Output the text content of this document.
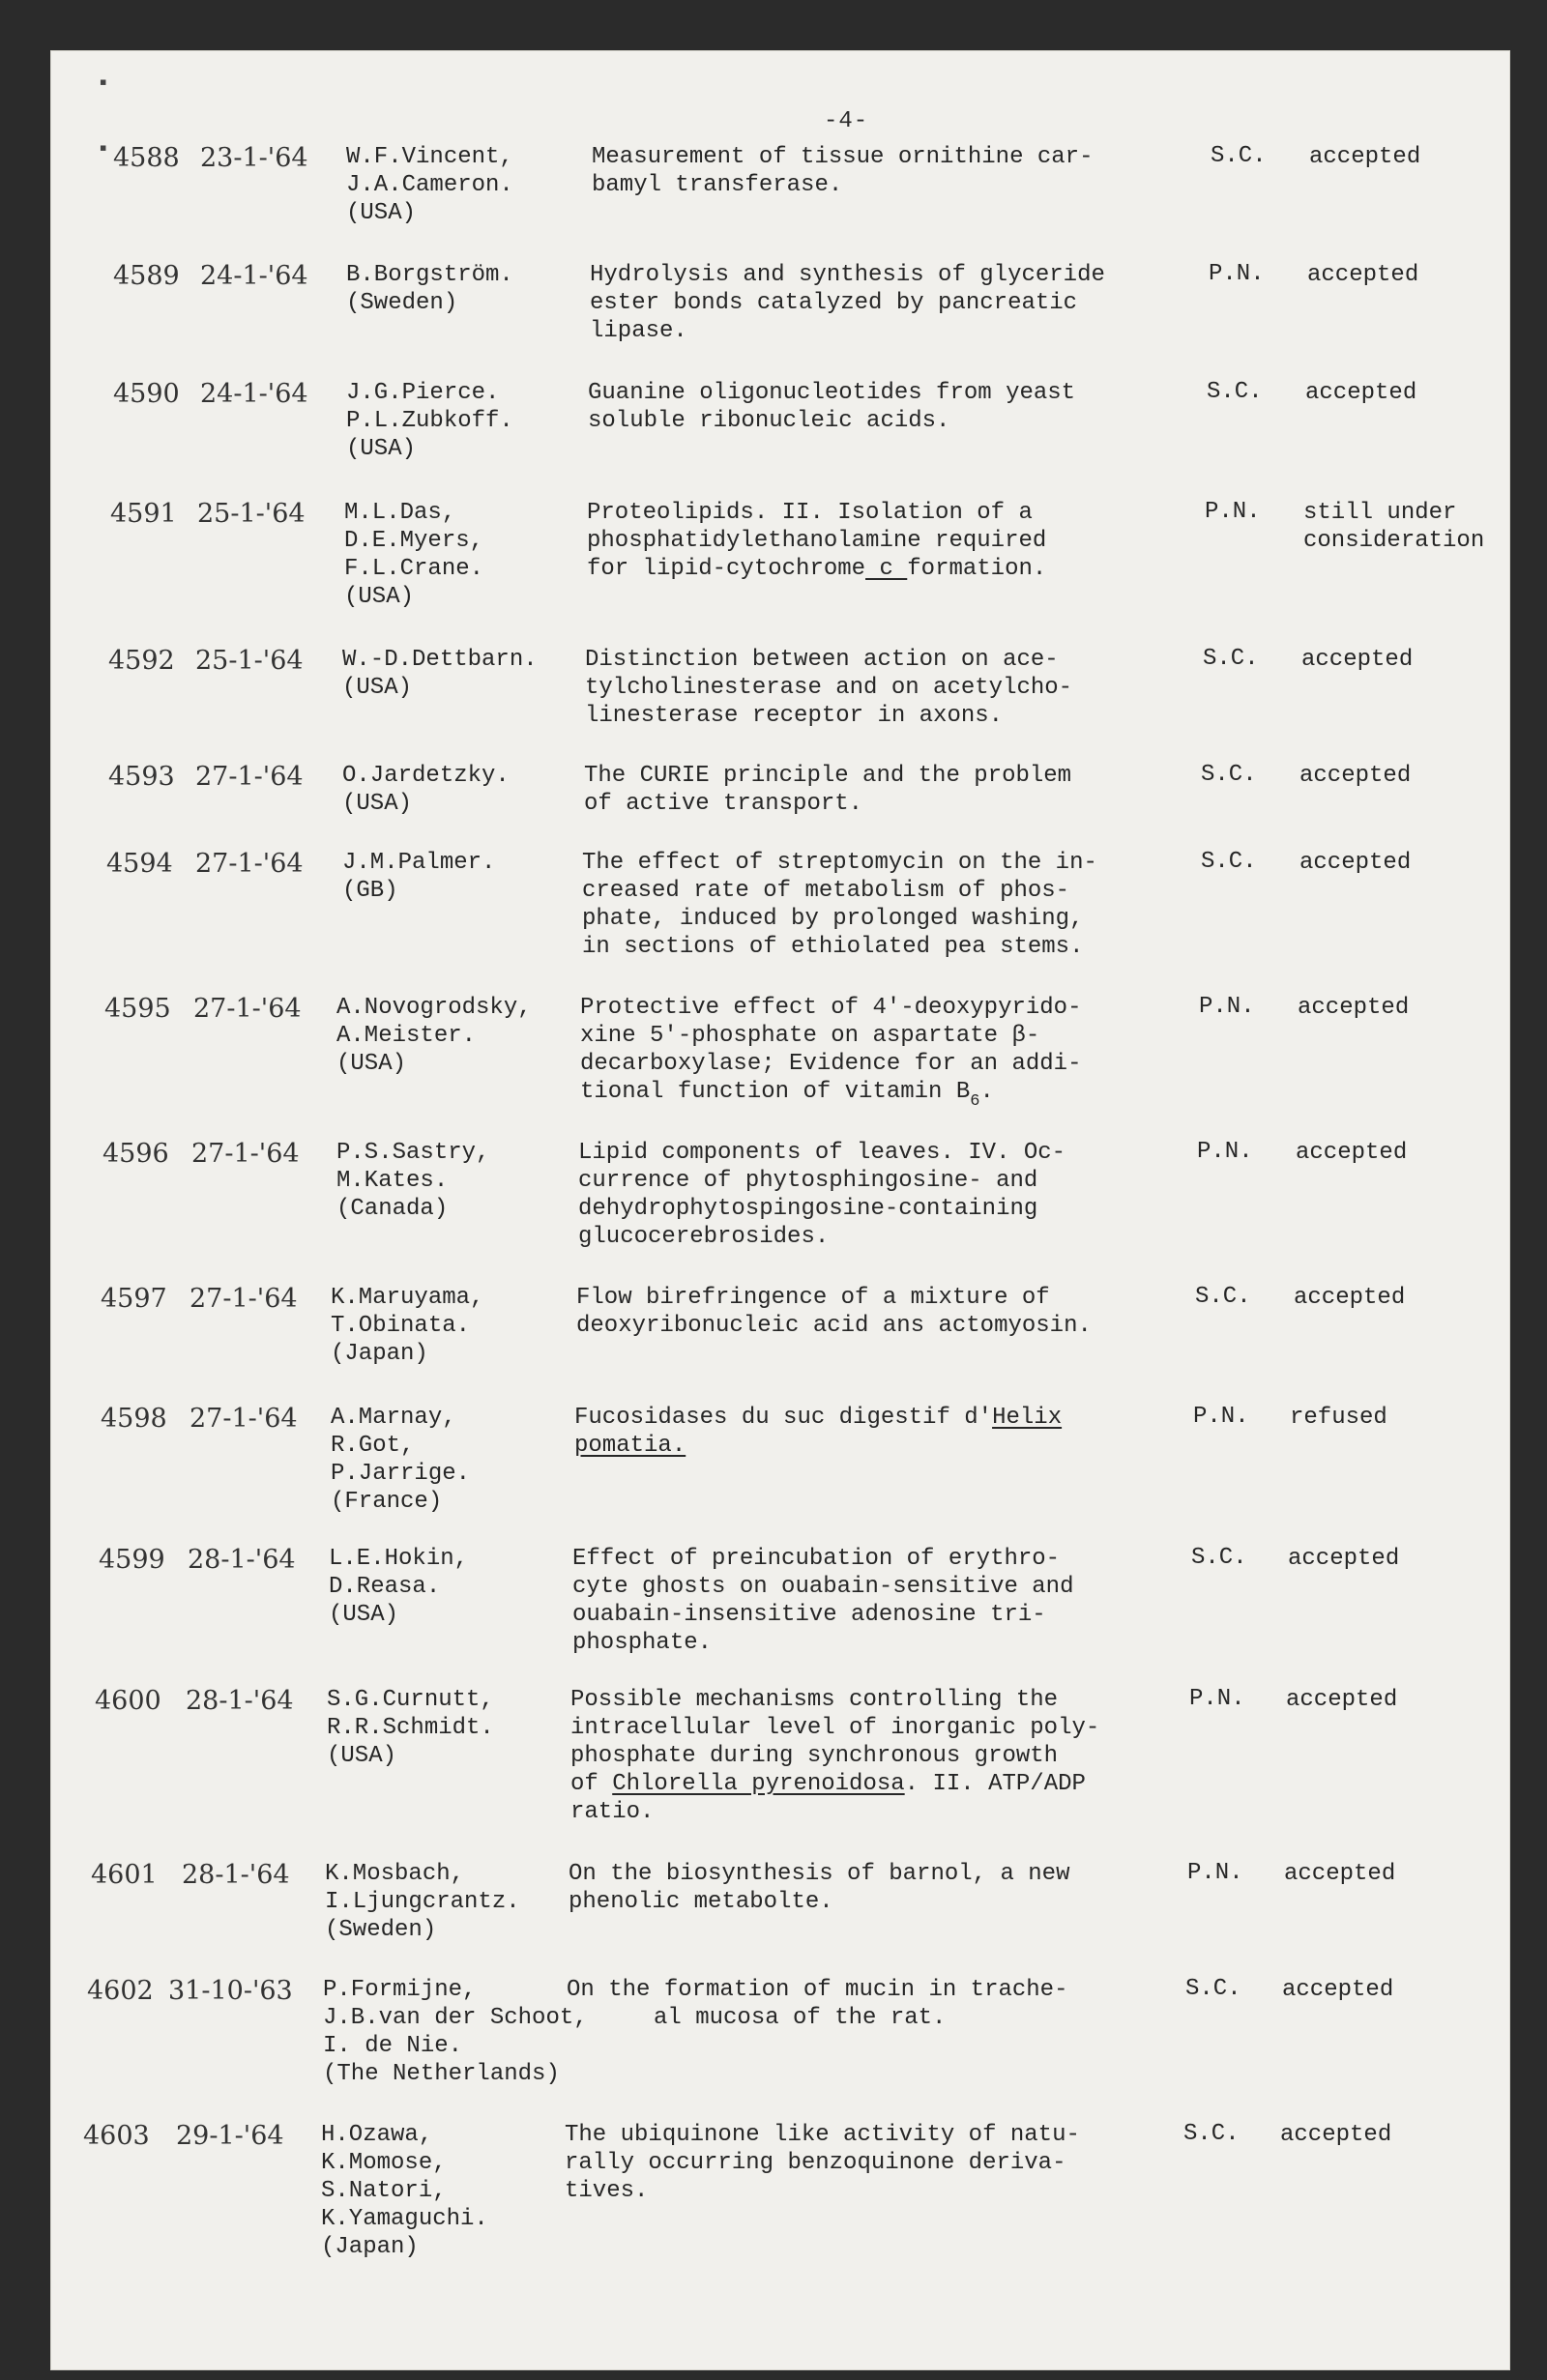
▪
▪
-4-
4588 23-1-'64 W.F.Vincent,
J.A.Cameron.
(USA)
Measurement of tissue ornithine car-
bamyl transferase.
S.C. accepted
4589 24-1-'64 B.Borgström.
(Sweden)
Hydrolysis and synthesis of glyceride
ester bonds catalyzed by pancreatic
lipase.
P.N. accepted
4590 24-1-'64 J.G.Pierce.
P.L.Zubkoff.
(USA)
Guanine oligonucleotides from yeast
soluble ribonucleic acids.
S.C. accepted
4591 25-1-'64 M.L.Das,
D.E.Myers,
F.L.Crane.
(USA)
Proteolipids. II. Isolation of a
phosphatidylethanolamine required
for lipid-cytochrome c formation.
P.N. still under
consideration
4592 25-1-'64 W.-D.Dettbarn.
(USA)
Distinction between action on ace-
tylcholinesterase and on acetylcho-
linesterase receptor in axons.
S.C. accepted
4593 27-1-'64 O.Jardetzky.
(USA)
The CURIE principle and the problem
of active transport.
S.C. accepted
4594 27-1-'64 J.M.Palmer.
(GB)
The effect of streptomycin on the in-
creased rate of metabolism of phos-
phate, induced by prolonged washing,
in sections of ethiolated pea stems.
S.C. accepted
4595 27-1-'64 A.Novogrodsky,
A.Meister.
(USA)
Protective effect of 4'-deoxypyrido-
xine 5'-phosphate on aspartate β-
decarboxylase; Evidence for an addi-
tional function of vitamin $B_6$.
P.N. accepted
4596 27-1-'64 P.S.Sastry,
M.Kates.
(Canada)
Lipid components of leaves. IV. Oc-
currence of phytosphingosine- and
dehydrophytospingosine-containing
glucocerebrosides.
P.N. accepted
4597 27-1-'64 K.Maruyama,
T.Obinata.
(Japan)
Flow birefringence of a mixture of
deoxyribonucleic acid ans actomyosin.
S.C. accepted
4598 27-1-'64 A.Marnay,
R.Got,
P.Jarrige.
(France)
Fucosidases du suc digestif d'Helix
pomatia.
P.N. refused
4599 28-1-'64 L.E.Hokin,
D.Reasa.
(USA)
Effect of preincubation of erythro-
cyte ghosts on ouabain-sensitive and
ouabain-insensitive adenosine tri-
phosphate.
S.C. accepted
4600 28-1-'64 S.G.Curnutt,
R.R.Schmidt.
(USA)
Possible mechanisms controlling the
intracellular level of inorganic poly-
phosphate during synchronous growth
of Chlorella pyrenoidosa. II. ATP/ADP
ratio.
P.N. accepted
4601 28-1-'64 K.Mosbach,
I.Ljungcrantz.
(Sweden)
On the biosynthesis of barnol, a new
phenolic metabolte.
P.N. accepted
4602 31-10-'63 P.Formijne,
J.B.van der Schoot,
I. de Nie.
(The Netherlands)
On the formation of mucin in trache-
al mucosa of the rat.
S.C. accepted
4603 29-1-'64 H.Ozawa,
K.Momose,
S.Natori,
K.Yamaguchi.
(Japan)
The ubiquinone like activity of natu-
rally occurring benzoquinone deriva-
tives.
S.C. accepted
